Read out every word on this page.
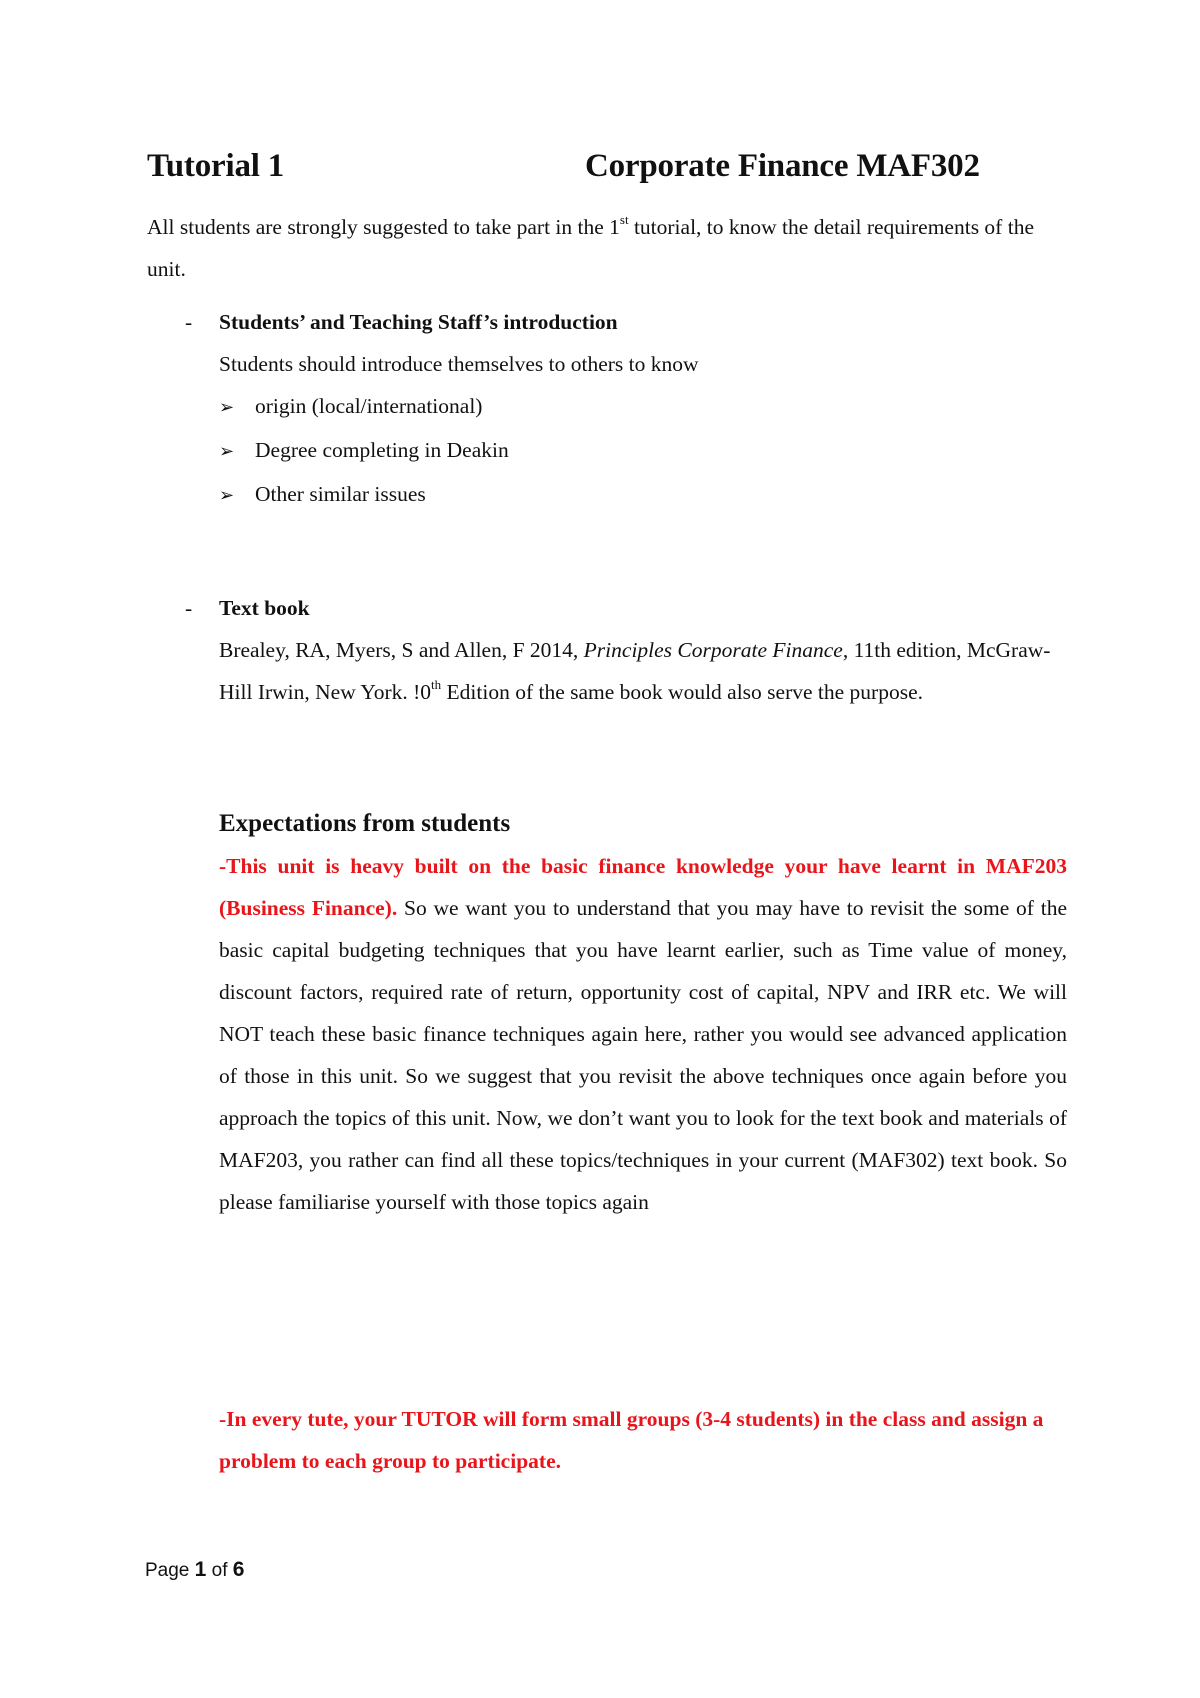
Tutorial 1	Corporate Finance MAF302
All students are strongly suggested to take part in the 1st tutorial, to know the detail requirements of the unit.
- Students’ and Teaching Staff’s introduction
Students should introduce themselves to others to know
➢ origin (local/international)
➢ Degree completing in Deakin
➢ Other similar issues
- Text book
Brealey, RA, Myers, S and Allen, F 2014, Principles Corporate Finance, 11th edition, McGraw-Hill Irwin, New York. !0th Edition of the same book would also serve the purpose.
Expectations from students
-This unit is heavy built on the basic finance knowledge your have learnt in MAF203 (Business Finance). So we want you to understand that you may have to revisit the some of the basic capital budgeting techniques that you have learnt earlier, such as Time value of money, discount factors, required rate of return, opportunity cost of capital, NPV and IRR etc. We will NOT teach these basic finance techniques again here, rather you would see advanced application of those in this unit. So we suggest that you revisit the above techniques once again before you approach the topics of this unit. Now, we don’t want you to look for the text book and materials of MAF203, you rather can find all these topics/techniques in your current (MAF302) text book. So please familiarise yourself with those topics again
-In every tute, your TUTOR will form small groups (3-4 students) in the class and assign a problem to each group to participate.
Page 1 of 6
